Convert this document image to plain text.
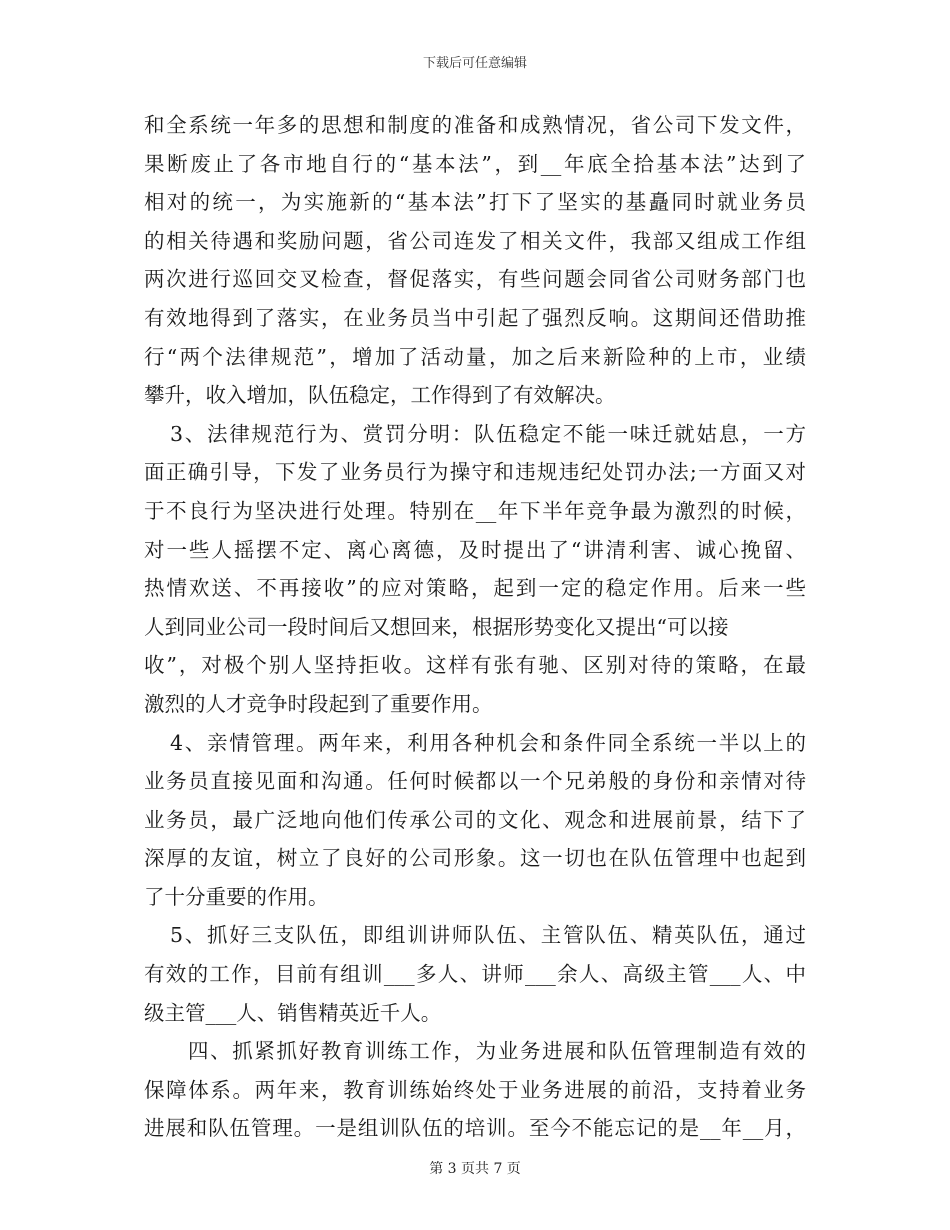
下载后可任意编辑
和全系统一年多的思想和制度的准备和成熟情况，省公司下发文件，
果断废止了各市地自行的“基本法”，到__年底全拾基本法”达到了
相对的统一，为实施新的“基本法”打下了坚实的基矗同时就业务员
的相关待遇和奖励问题，省公司连发了相关文件，我部又组成工作组
两次进行巡回交叉检查，督促落实，有些问题会同省公司财务部门也
有效地得到了落实，在业务员当中引起了强烈反响。这期间还借助推
行“两个法律规范”，增加了活动量，加之后来新险种的上市，业绩
攀升，收入增加，队伍稳定，工作得到了有效解决。
3、法律规范行为、赏罚分明：队伍稳定不能一味迁就姑息，一方
面正确引导，下发了业务员行为操守和违规违纪处罚办法;一方面又对
于不良行为坚决进行处理。特别在__年下半年竞争最为激烈的时候，
对一些人摇摆不定、离心离德，及时提出了“讲清利害、诚心挽留、
热情欢送、不再接收”的应对策略，起到一定的稳定作用。后来一些
人到同业公司一段时间后又想回来，根据形势变化又提出“可以接
收”，对极个别人坚持拒收。这样有张有驰、区别对待的策略，在最
激烈的人才竞争时段起到了重要作用。
4、亲情管理。两年来，利用各种机会和条件同全系统一半以上的
业务员直接见面和沟通。任何时候都以一个兄弟般的身份和亲情对待
业务员，最广泛地向他们传承公司的文化、观念和进展前景，结下了
深厚的友谊，树立了良好的公司形象。这一切也在队伍管理中也起到
了十分重要的作用。
5、抓好三支队伍，即组训讲师队伍、主管队伍、精英队伍，通过
有效的工作，目前有组训___多人、讲师___余人、高级主管___人、中
级主管___人、销售精英近千人。
四、抓紧抓好教育训练工作，为业务进展和队伍管理制造有效的
保障体系。两年来，教育训练始终处于业务进展的前沿，支持着业务
进展和队伍管理。一是组训队伍的培训。至今不能忘记的是__年__月，
第 3 页共 7 页
